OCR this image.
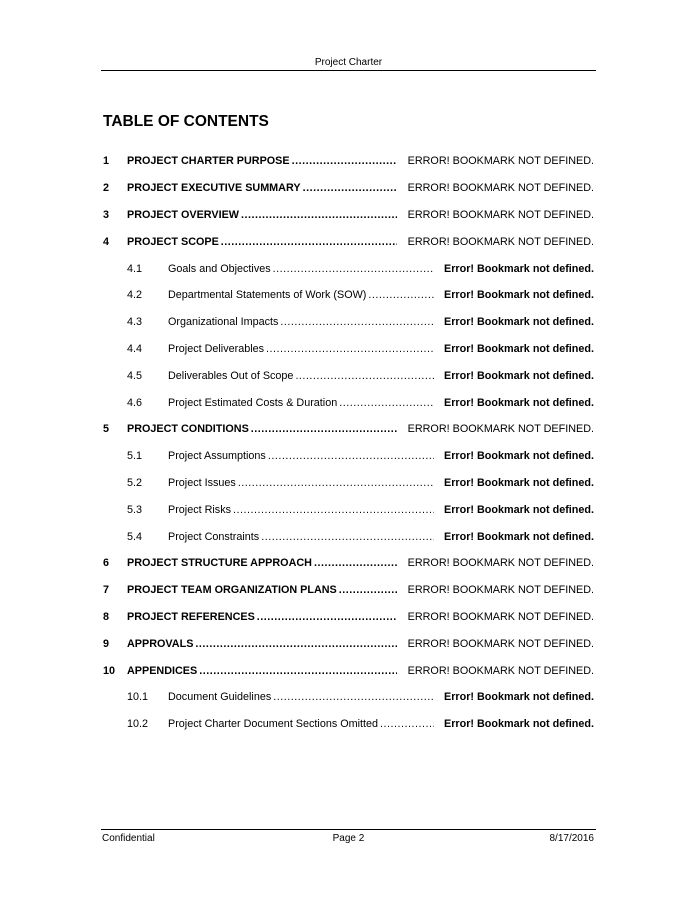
Project Charter
TABLE OF CONTENTS
1	PROJECT CHARTER PURPOSE .....	ERROR! BOOKMARK NOT DEFINED.
2	PROJECT EXECUTIVE SUMMARY .....	ERROR! BOOKMARK NOT DEFINED.
3	PROJECT OVERVIEW .....	ERROR! BOOKMARK NOT DEFINED.
4	PROJECT SCOPE .....	ERROR! BOOKMARK NOT DEFINED.
4.1	Goals and Objectives .....	Error! Bookmark not defined.
4.2	Departmental Statements of Work (SOW) .....	Error! Bookmark not defined.
4.3	Organizational Impacts .....	Error! Bookmark not defined.
4.4	Project Deliverables .....	Error! Bookmark not defined.
4.5	Deliverables Out of Scope .....	Error! Bookmark not defined.
4.6	Project Estimated Costs & Duration .....	Error! Bookmark not defined.
5	PROJECT CONDITIONS .....	ERROR! BOOKMARK NOT DEFINED.
5.1	Project Assumptions .....	Error! Bookmark not defined.
5.2	Project Issues .....	Error! Bookmark not defined.
5.3	Project Risks .....	Error! Bookmark not defined.
5.4	Project Constraints .....	Error! Bookmark not defined.
6	PROJECT STRUCTURE APPROACH .....	ERROR! BOOKMARK NOT DEFINED.
7	PROJECT TEAM ORGANIZATION PLANS .....	ERROR! BOOKMARK NOT DEFINED.
8	PROJECT REFERENCES .....	ERROR! BOOKMARK NOT DEFINED.
9	APPROVALS .....	ERROR! BOOKMARK NOT DEFINED.
10	APPENDICES .....	ERROR! BOOKMARK NOT DEFINED.
10.1	Document Guidelines .....	Error! Bookmark not defined.
10.2	Project Charter Document Sections Omitted .....	Error! Bookmark not defined.
Confidential	Page 2	8/17/2016
